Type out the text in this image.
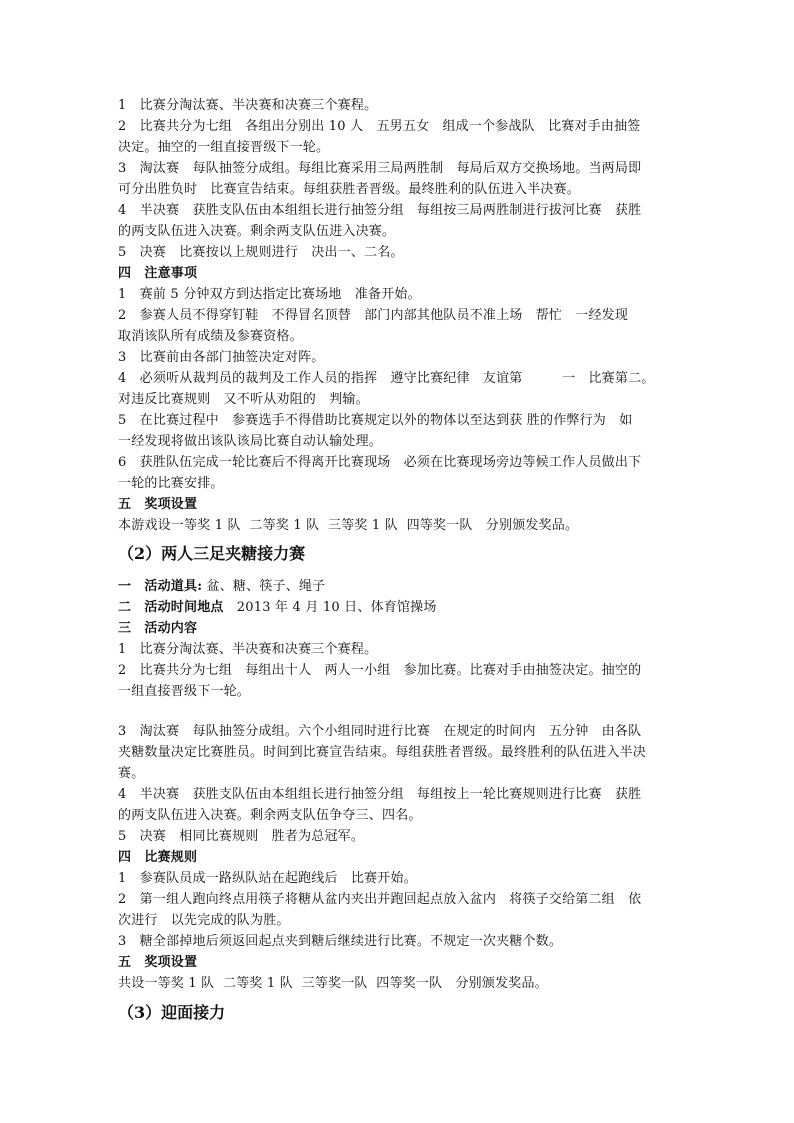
1　比赛分淘汰赛、半决赛和决赛三个赛程。
2　比赛共分为七组　各组出分别出 10 人　五男五女　组成一个参战队　比赛对手由抽签
决定。抽空的一组直接晋级下一轮。
3　淘汰赛　每队抽签分成组。每组比赛采用三局两胜制　每局后双方交换场地。当两局即
可分出胜负时　比赛宣告结束。每组获胜者晋级。最终胜利的队伍进入半决赛。
4　半决赛　获胜支队伍由本组组长进行抽签分组　每组按三局两胜制进行拔河比赛　获胜
的两支队伍进入决赛。剩余两支队伍进入决赛。
5　决赛　比赛按以上规则进行　决出一、二名。
四　注意事项
1　赛前 5 分钟双方到达指定比赛场地　准备开始。
2　参赛人员不得穿钉鞋　不得冒名顶替　部门内部其他队员不准上场　帮忙　一经发现
取消该队所有成绩及参赛资格。
3　比赛前由各部门抽签决定对阵。
4　必须听从裁判员的裁判及工作人员的指挥　遵守比赛纪律　友谊第　　　一　比赛第二。
对违反比赛规则　又不听从劝阻的　判输。
5　在比赛过程中　参赛选手不得借助比赛规定以外的物体以至达到获 胜的作弊行为　如
一经发现将做出该队该局比赛自动认输处理。
6　获胜队伍完成一轮比赛后不得离开比赛现场　必须在比赛现场旁边等候工作人员做出下
一轮的比赛安排。
五　奖项设置
本游戏设一等奖 1 队  二等奖 1 队  三等奖 1 队  四等奖一队　分别颁发奖品。
（2）两人三足夹糖接力赛
一　活动道具: 盆、糖、筷子、绳子
二　活动时间地点　2013 年 4 月 10 日、体育馆操场
三　活动内容
1　比赛分淘汰赛、半决赛和决赛三个赛程。
2　比赛共分为七组　每组出十人　两人一小组　参加比赛。比赛对手由抽签决定。抽空的
一组直接晋级下一轮。
3　淘汰赛　每队抽签分成组。六个小组同时进行比赛　在规定的时间内　五分钟　由各队
夹糖数量决定比赛胜员。时间到比赛宣告结束。每组获胜者晋级。最终胜利的队伍进入半决
赛。
4　半决赛　获胜支队伍由本组组长进行抽签分组　每组按上一轮比赛规则进行比赛　获胜
的两支队伍进入决赛。剩余两支队伍争夺三、四名。
5　决赛　相同比赛规则　胜者为总冠军。
四　比赛规则
1　参赛队员成一路纵队站在起跑线后　比赛开始。
2　第一组人跑向终点用筷子将糖从盆内夹出并跑回起点放入盆内　将筷子交给第二组　依
次进行　以先完成的队为胜。
3　糖全部掉地后须返回起点夹到糖后继续进行比赛。不规定一次夹糖个数。
五　奖项设置
共设一等奖 1 队  二等奖 1 队  三等奖一队  四等奖一队　分别颁发奖品。
（3）迎面接力
